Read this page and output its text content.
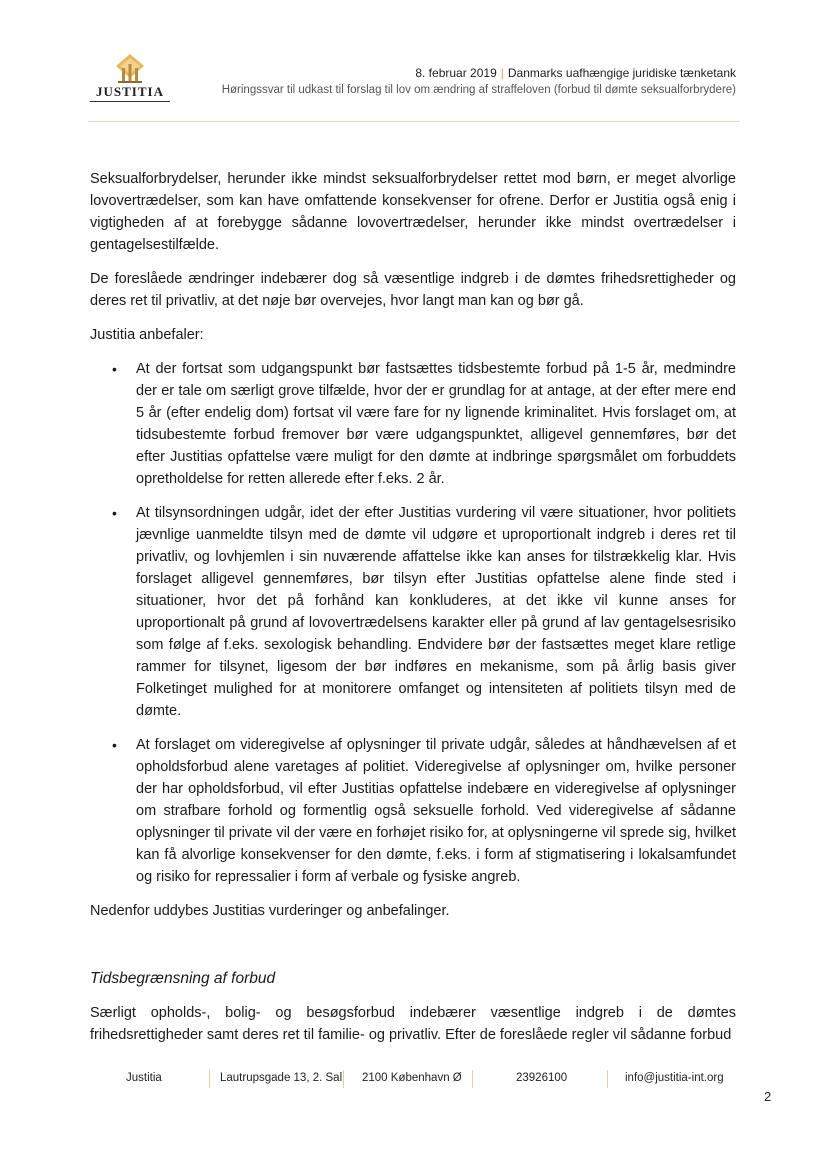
JUSTITIA
8. februar 2019 | Danmarks uafhængige juridiske tænketank
Høringssvar til udkast til forslag til lov om ændring af straffeloven (forbud til dømte seksualforbrydere)

Seksualforbrydelser, herunder ikke mindst seksualforbrydelser rettet mod børn, er meget alvorlige lovovertrædelser, som kan have omfattende konsekvenser for ofrene. Derfor er Justitia også enig i vigtigheden af at forebygge sådanne lovovertrædelser, herunder ikke mindst overtrædelser i gentagelsestilfælde.

De foreslåede ændringer indebærer dog så væsentlige indgreb i de dømtes frihedsrettigheder og deres ret til privatliv, at det nøje bør overvejes, hvor langt man kan og bør gå.

Justitia anbefaler:

• At der fortsat som udgangspunkt bør fastsættes tidsbestemte forbud på 1-5 år, medmindre der er tale om særligt grove tilfælde, hvor der er grundlag for at antage, at der efter mere end 5 år (efter endelig dom) fortsat vil være fare for ny lignende kriminalitet. Hvis forslaget om, at tidsubestemte forbud fremover bør være udgangspunktet, alligevel gennemføres, bør det efter Justitias opfattelse være muligt for den dømte at indbringe spørgsmålet om forbuddets opretholdelse for retten allerede efter f.eks. 2 år.
• At tilsynsordningen udgår, idet der efter Justitias vurdering vil være situationer, hvor politiets jævnlige uanmeldte tilsyn med de dømte vil udgøre et uproportionalt indgreb i deres ret til privatliv, og lovhjemlen i sin nuværende affattelse ikke kan anses for tilstrækkelig klar. Hvis forslaget alligevel gennemføres, bør tilsyn efter Justitias opfattelse alene finde sted i situationer, hvor det på forhånd kan konkluderes, at det ikke vil kunne anses for uproportionalt på grund af lovovertrædelsens karakter eller på grund af lav gentagelsesrisiko som følge af f.eks. sexologisk behandling. Endvidere bør der fastsættes meget klare retlige rammer for tilsynet, ligesom der bør indføres en mekanisme, som på årlig basis giver Folketinget mulighed for at monitorere omfanget og intensiteten af politiets tilsyn med de dømte.
• At forslaget om videregivelse af oplysninger til private udgår, således at håndhævelsen af et opholdsforbud alene varetages af politiet. Videregivelse af oplysninger om, hvilke personer der har opholdsforbud, vil efter Justitias opfattelse indebære en videregivelse af oplysninger om strafbare forhold og formentlig også seksuelle forhold. Ved videregivelse af sådanne oplysninger til private vil der være en forhøjet risiko for, at oplysningerne vil sprede sig, hvilket kan få alvorlige konsekvenser for den dømte, f.eks. i form af stigmatisering i lokalsamfundet og risiko for repressalier i form af verbale og fysiske angreb.

Nedenfor uddybes Justitias vurderinger og anbefalinger.

Tidsbegrænsning af forbud

Særligt opholds-, bolig- og besøgsforbud indebærer væsentlige indgreb i de dømtes frihedsrettigheder samt deres ret til familie- og privatliv. Efter de foreslåede regler vil sådanne forbud

Justitia	Lautrupsgade 13, 2. Sal 2100 København Ø	23926100	info@justitia-int.org
2
